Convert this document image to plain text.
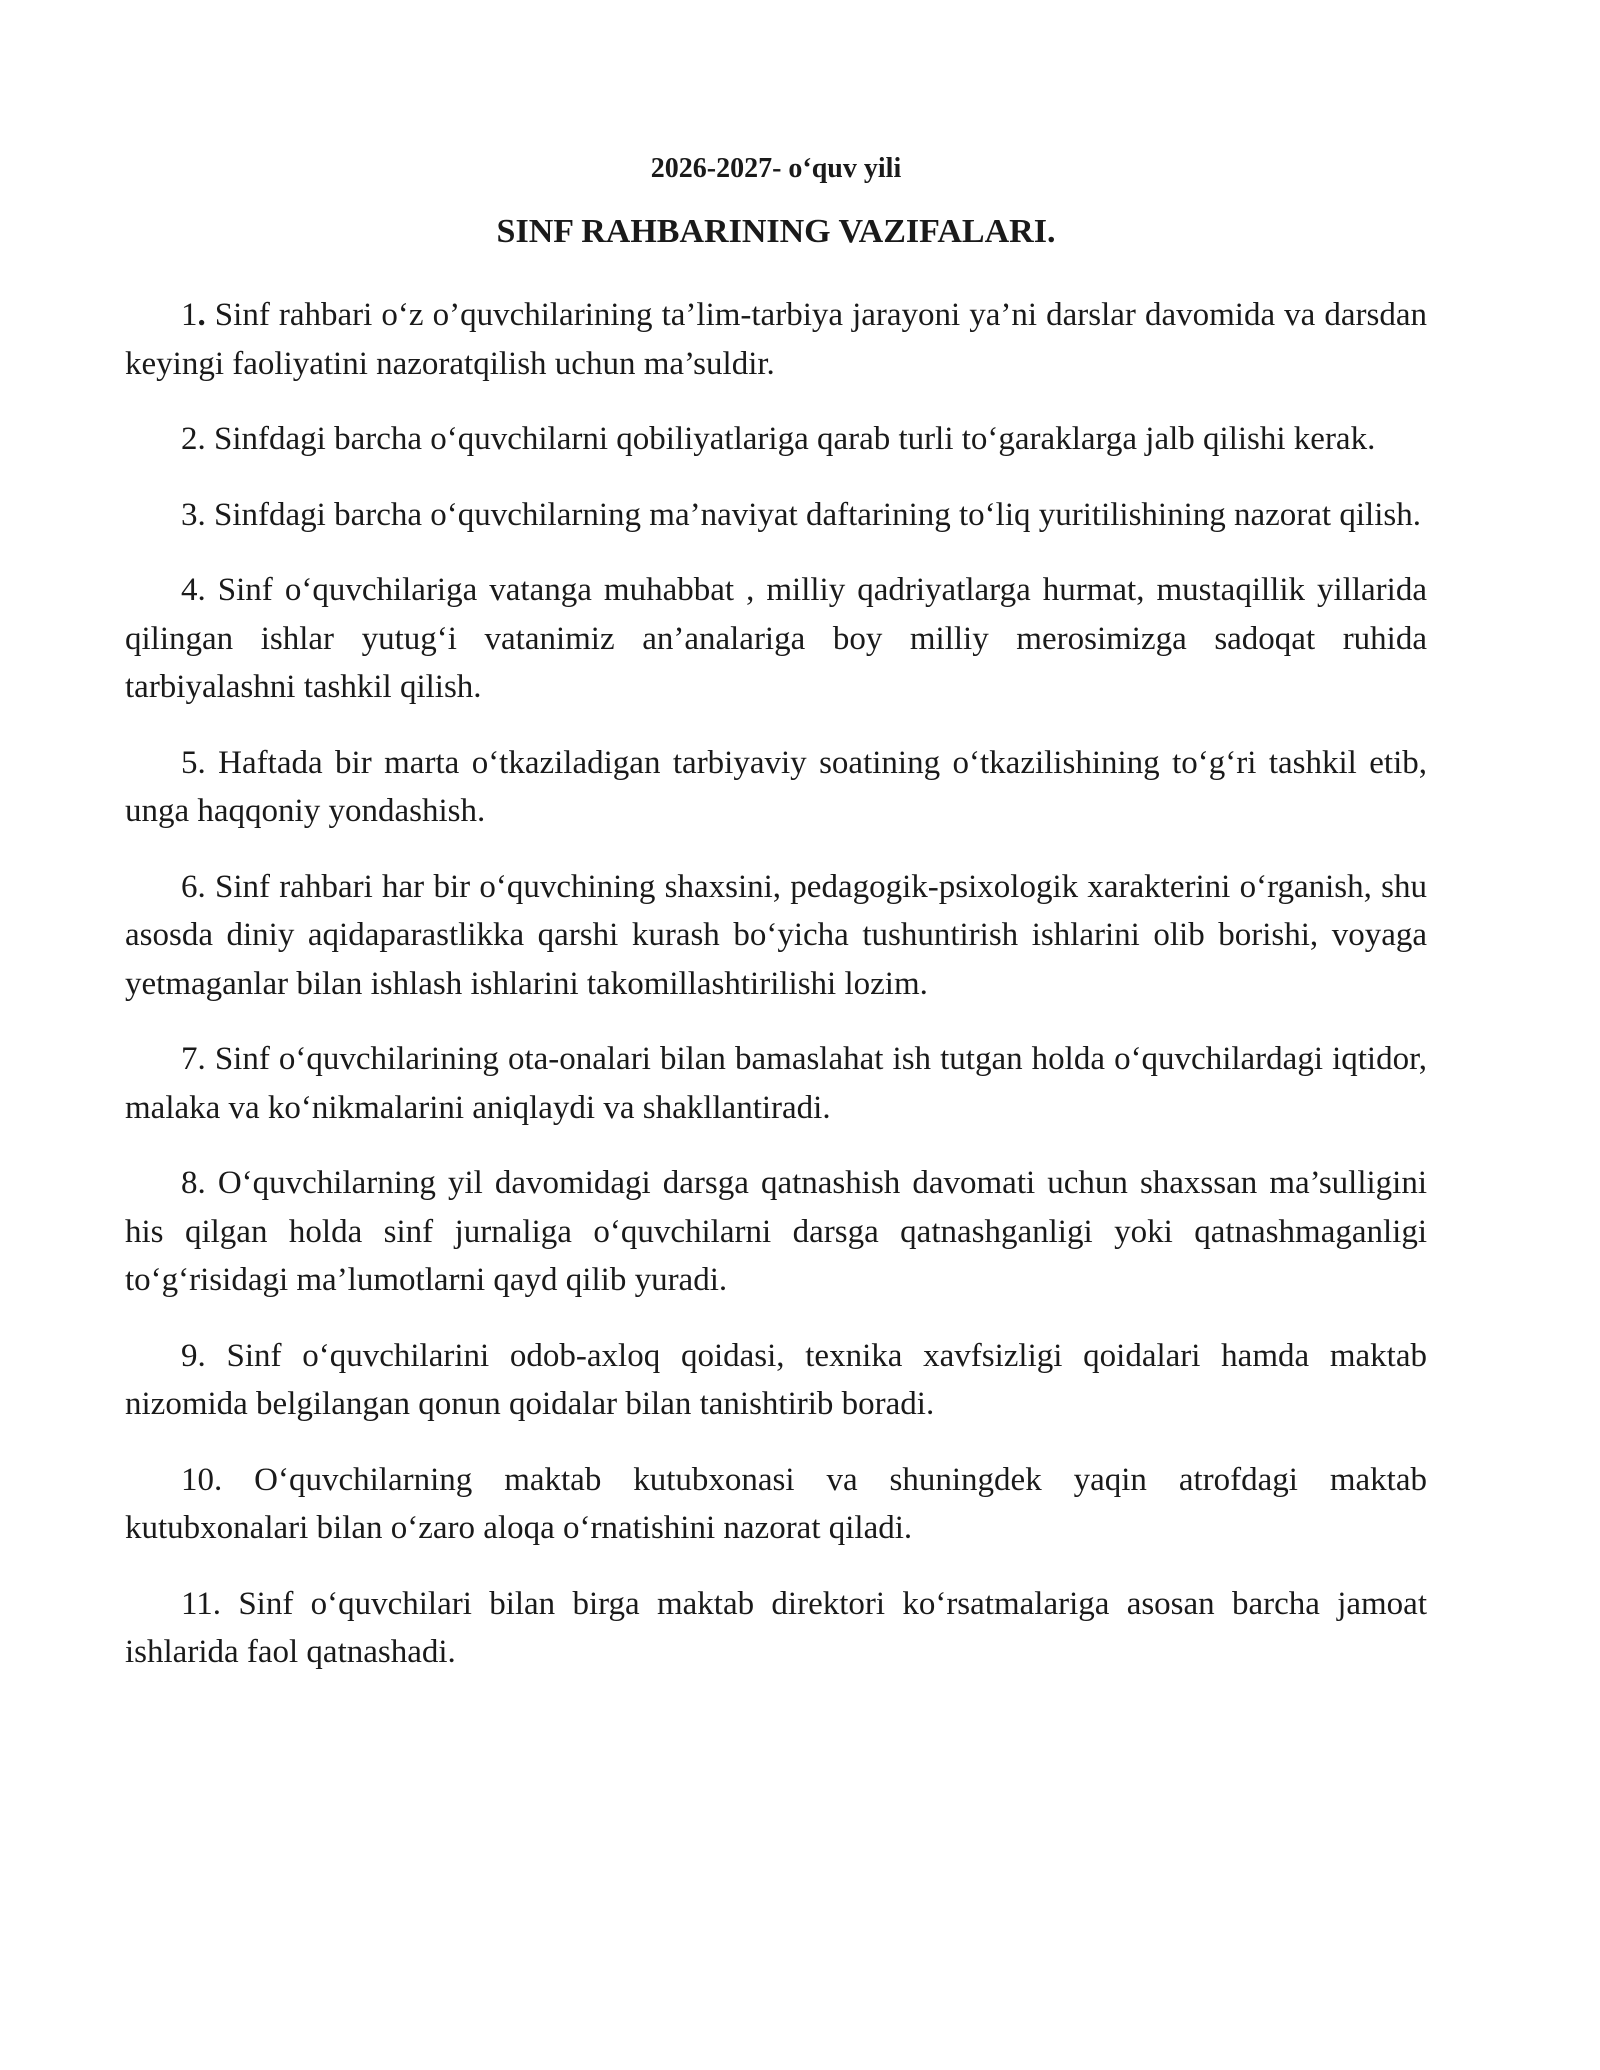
2026-2027- o‘quv yili
SINF RAHBARINING VAZIFALARI.

1. Sinf rahbari o‘z o’quvchilarining ta’lim-tarbiya jarayoni ya’ni darslar davomida va darsdan keyingi faoliyatini nazoratqilish uchun ma’suldir.

2. Sinfdagi barcha o‘quvchilarni qobiliyatlariga qarab turli to‘garaklarga jalb qilishi kerak.

3. Sinfdagi barcha o‘quvchilarning ma’naviyat daftarining to‘liq yuritilishining nazorat qilish.

4. Sinf o‘quvchilariga vatanga muhabbat , milliy qadriyatlarga hurmat, mustaqillik yillarida qilingan ishlar yutug‘i vatanimiz an’analariga boy milliy merosimizga sadoqat ruhida tarbiyalashni tashkil qilish.

5. Haftada bir marta o‘tkaziladigan tarbiyaviy soatining o‘tkazilishining to‘g‘ri tashkil etib, unga haqqoniy yondashish.

6. Sinf rahbari har bir o‘quvchining shaxsini, pedagogik-psixologik xarakterini o‘rganish, shu asosda diniy aqidaparastlikka qarshi kurash bo‘yicha tushuntirish ishlarini olib borishi, voyaga yetmaganlar bilan ishlash ishlarini takomillashtirilishi lozim.

7. Sinf o‘quvchilarining ota-onalari bilan bamaslahat ish tutgan holda o‘quvchilardagi iqtidor, malaka va ko‘nikmalarini aniqlaydi va shakllantiradi.

8. O‘quvchilarning yil davomidagi darsga qatnashish davomati uchun shaxssan ma’sulligini his qilgan holda sinf jurnaliga o‘quvchilarni darsga qatnashganligi yoki qatnashmaganligi to‘g‘risidagi ma’lumotlarni qayd qilib yuradi.

9. Sinf o‘quvchilarini odob-axloq qoidasi, texnika xavfsizligi qoidalari hamda maktab nizomida belgilangan qonun qoidalar bilan tanishtirib boradi.

10. O‘quvchilarning maktab kutubxonasi va shuningdek yaqin atrofdagi maktab kutubxonalari bilan o‘zaro aloqa o‘rnatishini nazorat qiladi.

11. Sinf o‘quvchilari bilan birga maktab direktori ko‘rsatmalariga asosan barcha jamoat ishlarida faol qatnashadi.
